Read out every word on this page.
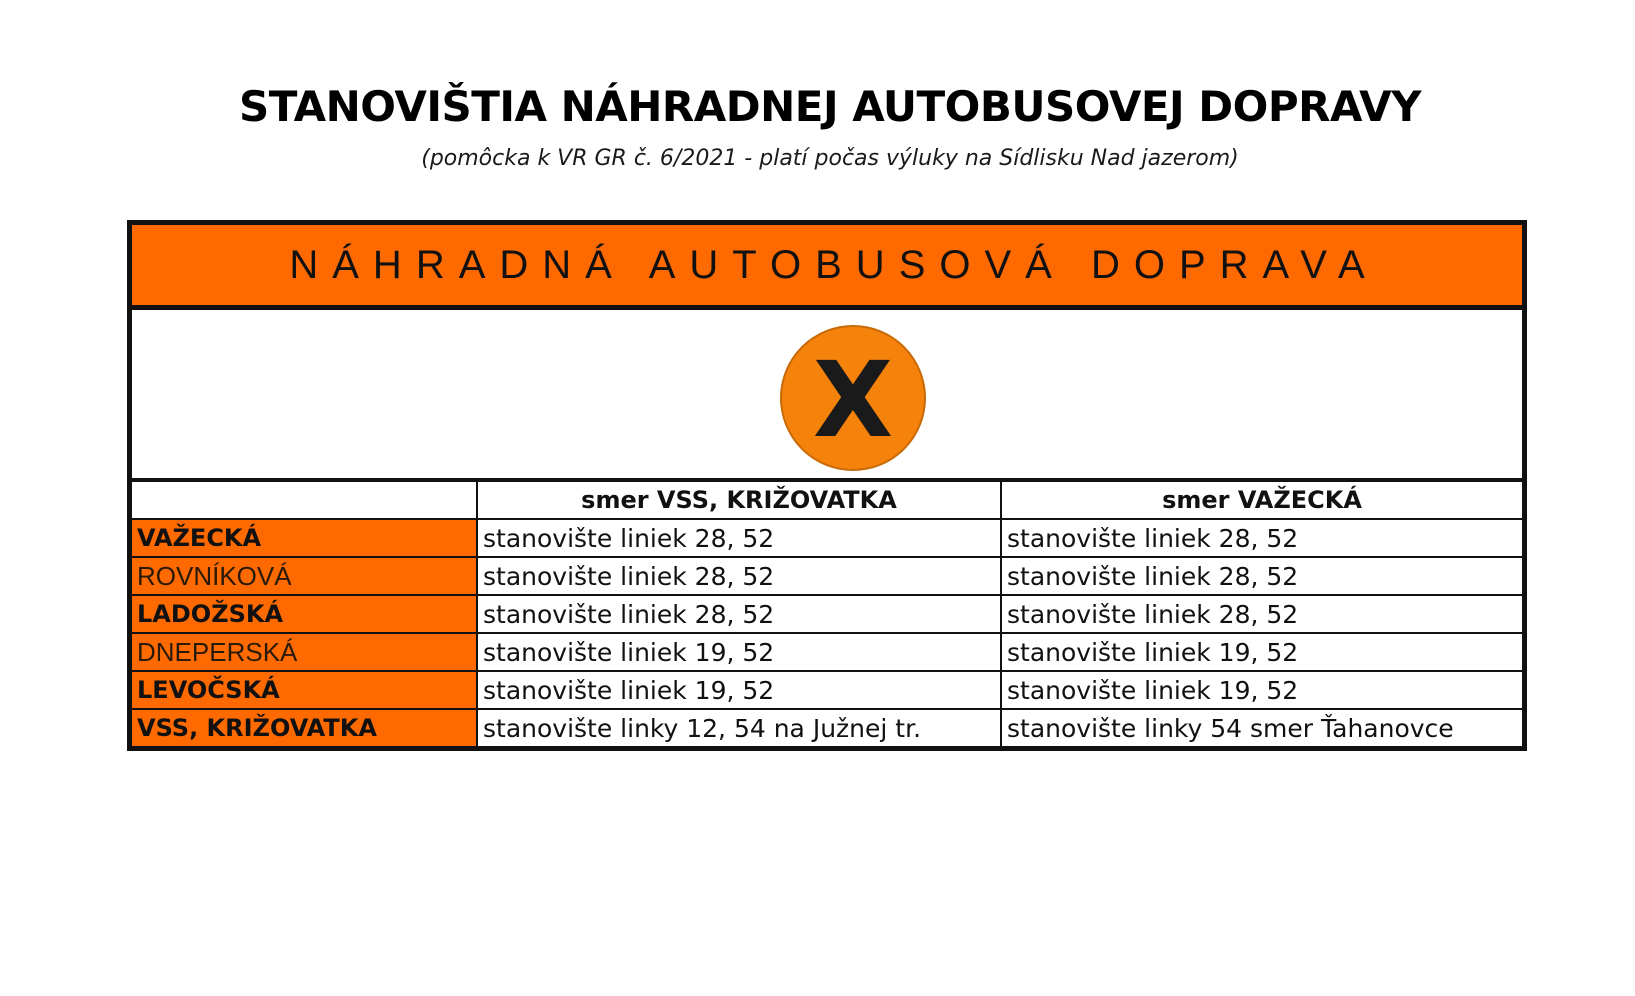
STANOVIŠTIA NÁHRADNEJ AUTOBUSOVEJ DOPRAVY
(pomôcka k VR GR č. 6/2021 - platí počas výluky na Sídlisku Nad jazerom)
NÁHRADNÁ AUTOBUSOVÁ DOPRAVA
X
	smer VSS, KRIŽOVATKA	smer VAŽECKÁ
VAŽECKÁ	stanovište liniek 28, 52	stanovište liniek 28, 52
ROVNÍKOVÁ	stanovište liniek 28, 52	stanovište liniek 28, 52
LADOŽSKÁ	stanovište liniek 28, 52	stanovište liniek 28, 52
DNEPERSKÁ	stanovište liniek 19, 52	stanovište liniek 19, 52
LEVOČSKÁ	stanovište liniek 19, 52	stanovište liniek 19, 52
VSS, KRIŽOVATKA	stanovište linky 12, 54 na Južnej tr.	stanovište linky 54 smer Ťahanovce
